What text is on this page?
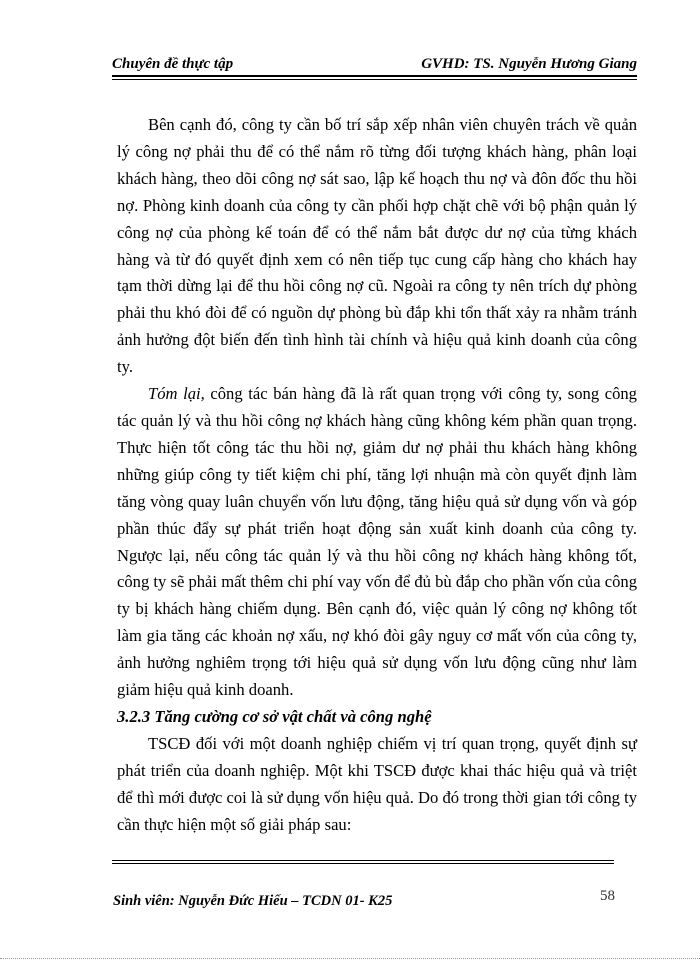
Chuyên đề thực tập	GVHD: TS. Nguyễn Hương Giang

Bên cạnh đó, công ty cần bố trí sắp xếp nhân viên chuyên trách về quản lý công nợ phải thu để có thể nắm rõ từng đối tượng khách hàng, phân loại khách hàng, theo dõi công nợ sát sao, lập kế hoạch thu nợ và đôn đốc thu hồi nợ. Phòng kinh doanh của công ty cần phối hợp chặt chẽ với bộ phận quản lý công nợ của phòng kế toán để có thể nắm bắt được dư nợ của từng khách hàng và từ đó quyết định xem có nên tiếp tục cung cấp hàng cho khách hay tạm thời dừng lại để thu hồi công nợ cũ. Ngoài ra công ty nên trích dự phòng phải thu khó đòi để có nguồn dự phòng bù đắp khi tổn thất xảy ra nhằm tránh ảnh hưởng đột biến đến tình hình tài chính và hiệu quả kinh doanh của công ty.

Tóm lại, công tác bán hàng đã là rất quan trọng với công ty, song công tác quản lý và thu hồi công nợ khách hàng cũng không kém phần quan trọng. Thực hiện tốt công tác thu hồi nợ, giảm dư nợ phải thu khách hàng không những giúp công ty tiết kiệm chi phí, tăng lợi nhuận mà còn quyết định làm tăng vòng quay luân chuyển vốn lưu động, tăng hiệu quả sử dụng vốn và góp phần thúc đẩy sự phát triển hoạt động sản xuất kinh doanh của công ty. Ngược lại, nếu công tác quản lý và thu hồi công nợ khách hàng không tốt, công ty sẽ phải mất thêm chi phí vay vốn để đủ bù đắp cho phần vốn của công ty bị khách hàng chiếm dụng. Bên cạnh đó, việc quản lý công nợ không tốt làm gia tăng các khoản nợ xấu, nợ khó đòi gây nguy cơ mất vốn của công ty, ảnh hưởng nghiêm trọng tới hiệu quả sử dụng vốn lưu động cũng như làm giảm hiệu quả kinh doanh.

3.2.3 Tăng cường cơ sở vật chất và công nghệ

TSCĐ đối với một doanh nghiệp chiếm vị trí quan trọng, quyết định sự phát triển của doanh nghiệp. Một khi TSCĐ được khai thác hiệu quả và triệt để thì mới được coi là sử dụng vốn hiệu quả. Do đó trong thời gian tới công ty cần thực hiện một số giải pháp sau:

Sinh viên: Nguyễn Đức Hiếu – TCDN 01- K25	58
